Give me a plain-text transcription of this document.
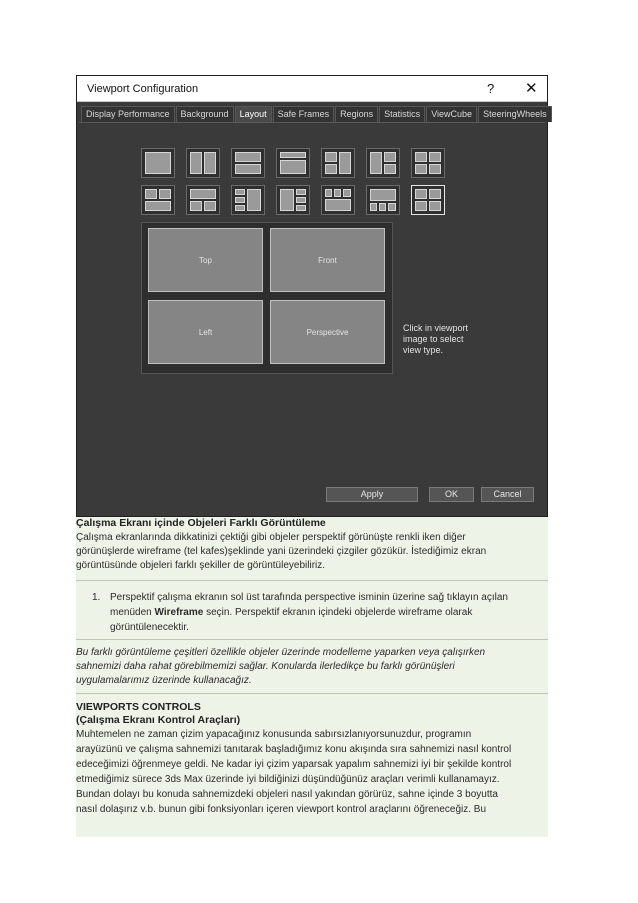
Viewport Configuration	? ✕
Display Performance	Background	Layout	Safe Frames	Regions	Statistics	ViewCube	SteeringWheels
Top	Front
Left	Perspective	Click in viewport
image to select
view type.
Apply	OK	Cancel
Çalışma Ekranı içinde Objeleri Farklı Görüntüleme
Çalışma ekranlarında dikkatinizi çektiği gibi objeler perspektif görünüşte renkli iken diğer
görünüşlerde wireframe (tel kafes)şeklinde yani üzerindeki çizgiler gözükür. İstediğimiz ekran
görüntüsünde objeleri farklı şekiller de görüntüleyebiliriz.
1. Perspektif çalışma ekranın sol üst tarafında perspective isminin üzerine sağ tıklayın açılan
menüden Wireframe seçin. Perspektif ekranın içindeki objelerde wireframe olarak
görüntülenecektir.
Bu farklı görüntüleme çeşitleri özellikle objeler üzerinde modelleme yaparken veya çalışırken
sahnemizi daha rahat görebilmemizi sağlar. Konularda ilerledikçe bu farklı görünüşleri
uygulamalarımız üzerinde kullanacağız.
VIEWPORTS CONTROLS
(Çalışma Ekranı Kontrol Araçları)
Muhtemelen ne zaman çizim yapacağınız konusunda sabırsızlanıyorsunuzdur, programın
arayüzünü ve çalışma sahnemizi tanıtarak başladığımız konu akışında sıra sahnemizi nasıl kontrol
edeceğimizi öğrenmeye geldi. Ne kadar iyi çizim yaparsak yapalım sahnemizi iyi bir şekilde kontrol
etmediğimiz sürece 3ds Max üzerinde iyi bildiğinizi düşündüğünüz araçları verimli kullanamayız.
Bundan dolayı bu konuda sahnemizdeki objeleri nasıl yakından görürüz, sahne içinde 3 boyutta
nasıl dolaşırız v.b. bunun gibi fonksiyonları içeren viewport kontrol araçlarını öğreneceğiz. Bu
